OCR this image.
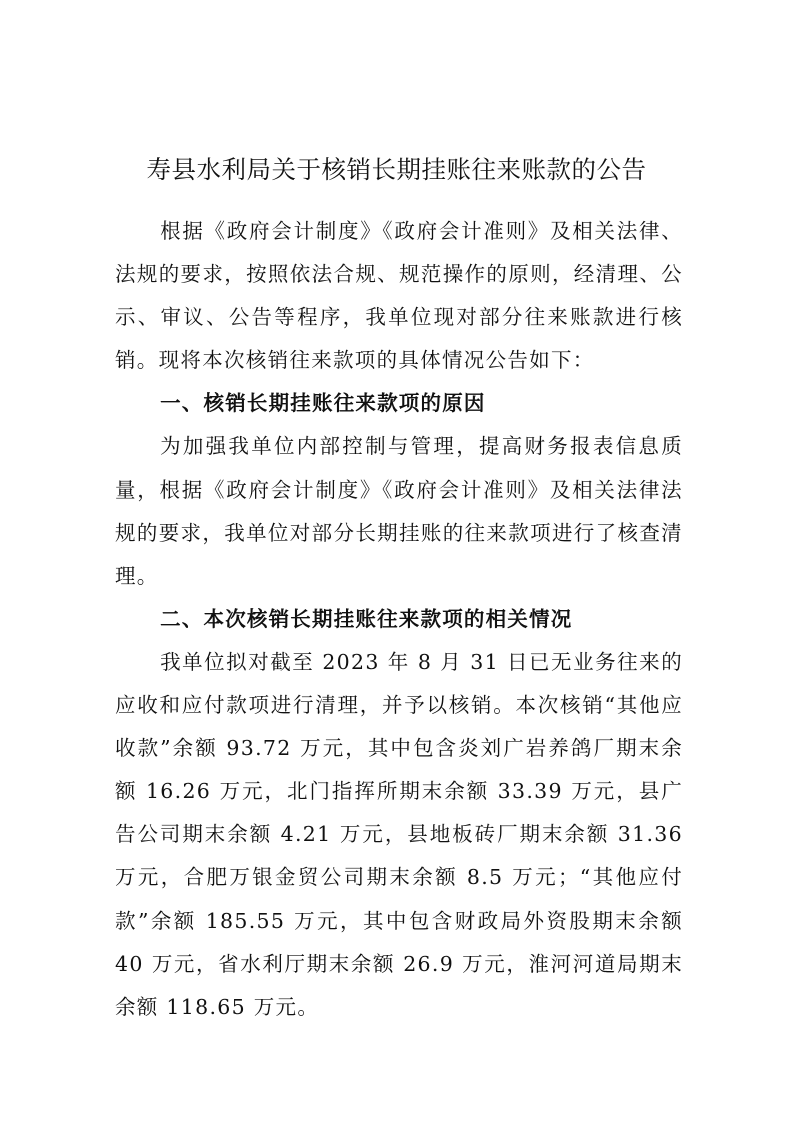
寿县水利局关于核销长期挂账往来账款的公告

根据《政府会计制度》《政府会计准则》及相关法律、法规的要求，按照依法合规、规范操作的原则，经清理、公示、审议、公告等程序，我单位现对部分往来账款进行核销。现将本次核销往来款项的具体情况公告如下：

一、核销长期挂账往来款项的原因

为加强我单位内部控制与管理，提高财务报表信息质量，根据《政府会计制度》《政府会计准则》及相关法律法规的要求，我单位对部分长期挂账的往来款项进行了核查清理。

二、本次核销长期挂账往来款项的相关情况

我单位拟对截至 2023 年 8 月 31 日已无业务往来的应收和应付款项进行清理，并予以核销。本次核销“其他应收款”余额 93.72 万元，其中包含炎刘广岩养鸽厂期末余额 16.26 万元，北门指挥所期末余额 33.39 万元，县广告公司期末余额 4.21 万元，县地板砖厂期末余额 31.36 万元，合肥万银金贸公司期末余额 8.5 万元；“其他应付款”余额 185.55 万元，其中包含财政局外资股期末余额 40 万元，省水利厅期末余额 26.9 万元，淮河河道局期末余额 118.65 万元。
